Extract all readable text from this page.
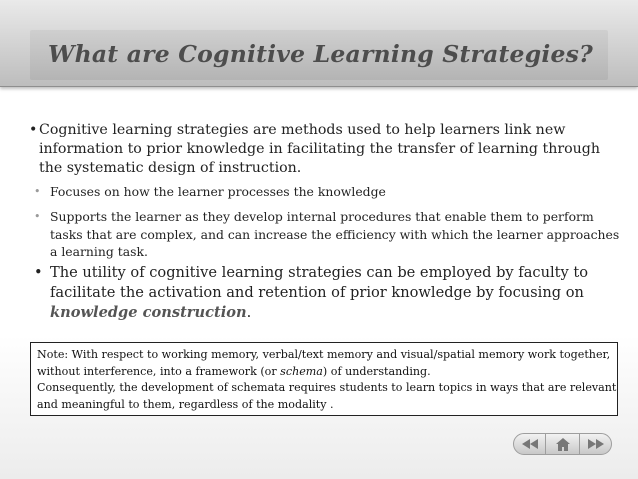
What are Cognitive Learning Strategies?
• Cognitive learning strategies are methods used to help learners link new information to prior knowledge in facilitating the transfer of learning through the systematic design of instruction.
• Focuses on how the learner processes the knowledge
• Supports the learner as they develop internal procedures that enable them to perform tasks that are complex, and can increase the efficiency with which the learner approaches a learning task.
• The utility of cognitive learning strategies can be employed by faculty to facilitate the activation and retention of prior knowledge by focusing on knowledge construction.
Note: With respect to working memory, verbal/text memory and visual/spatial memory work together, without interference, into a framework (or schema) of understanding.
Consequently, the development of schemata requires students to learn topics in ways that are relevant and meaningful to them, regardless of the modality .
